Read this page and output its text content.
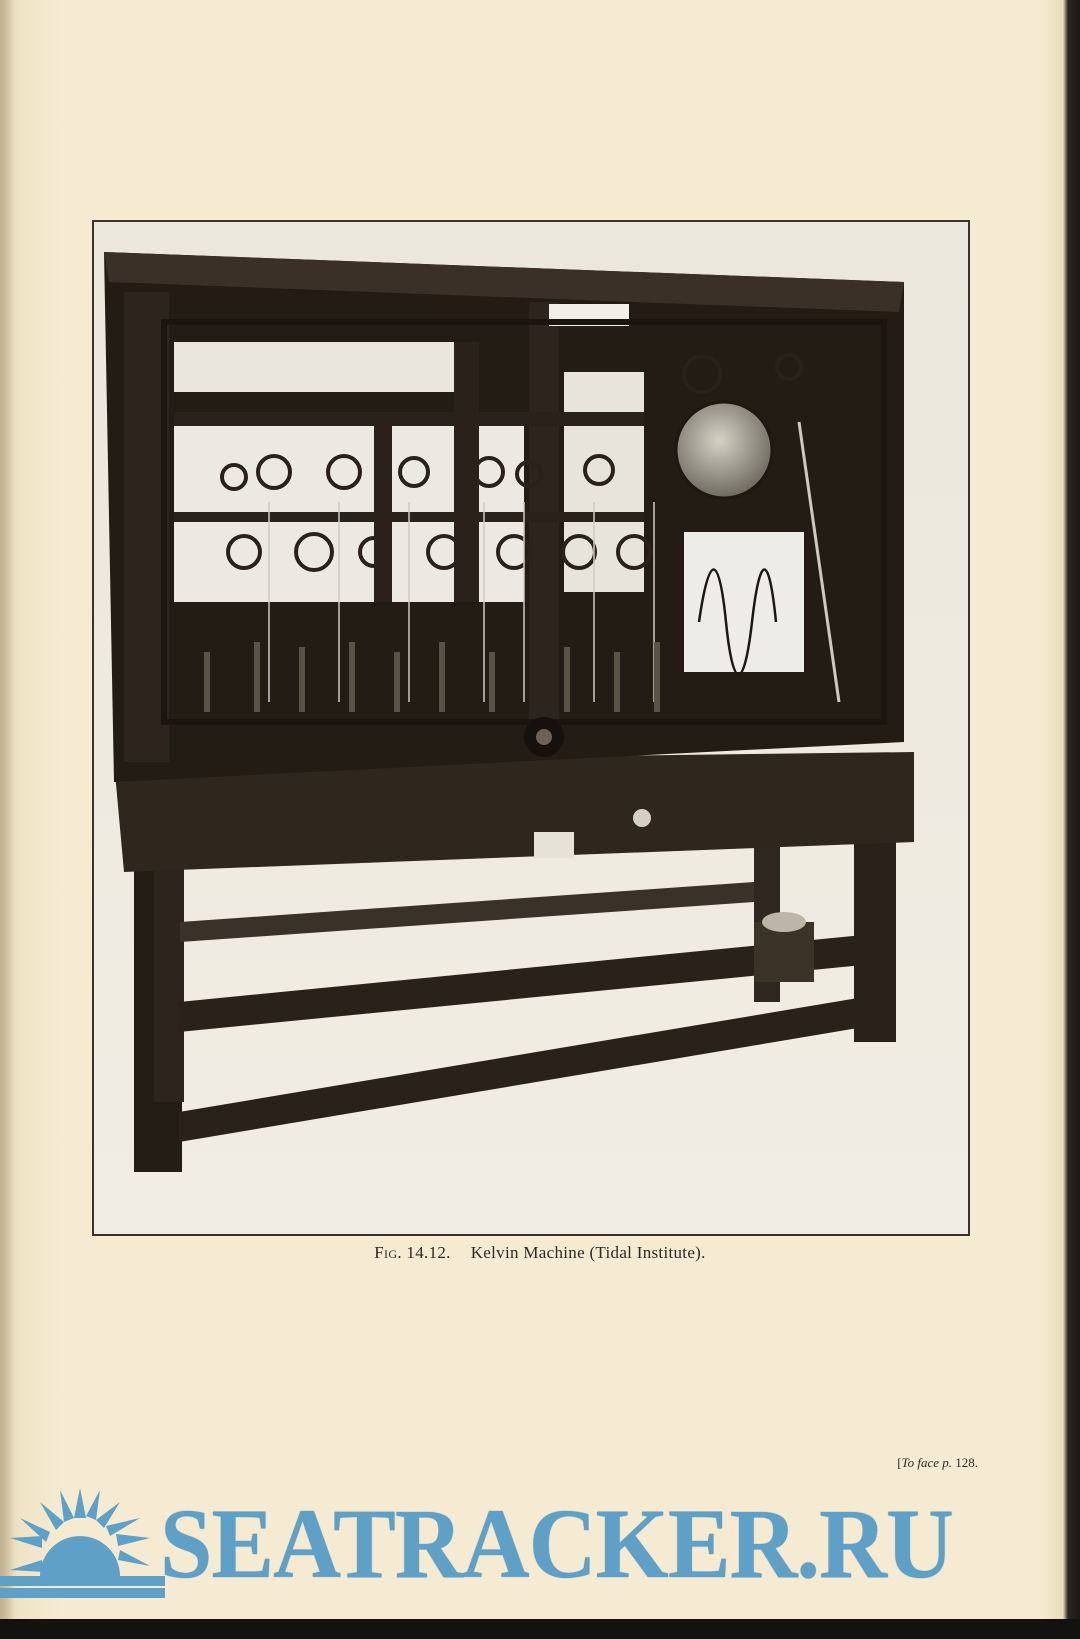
Fig. 14.12. Kelvin Machine (Tidal Institute).
[To face p. 128.
SEATRACKER.RU
